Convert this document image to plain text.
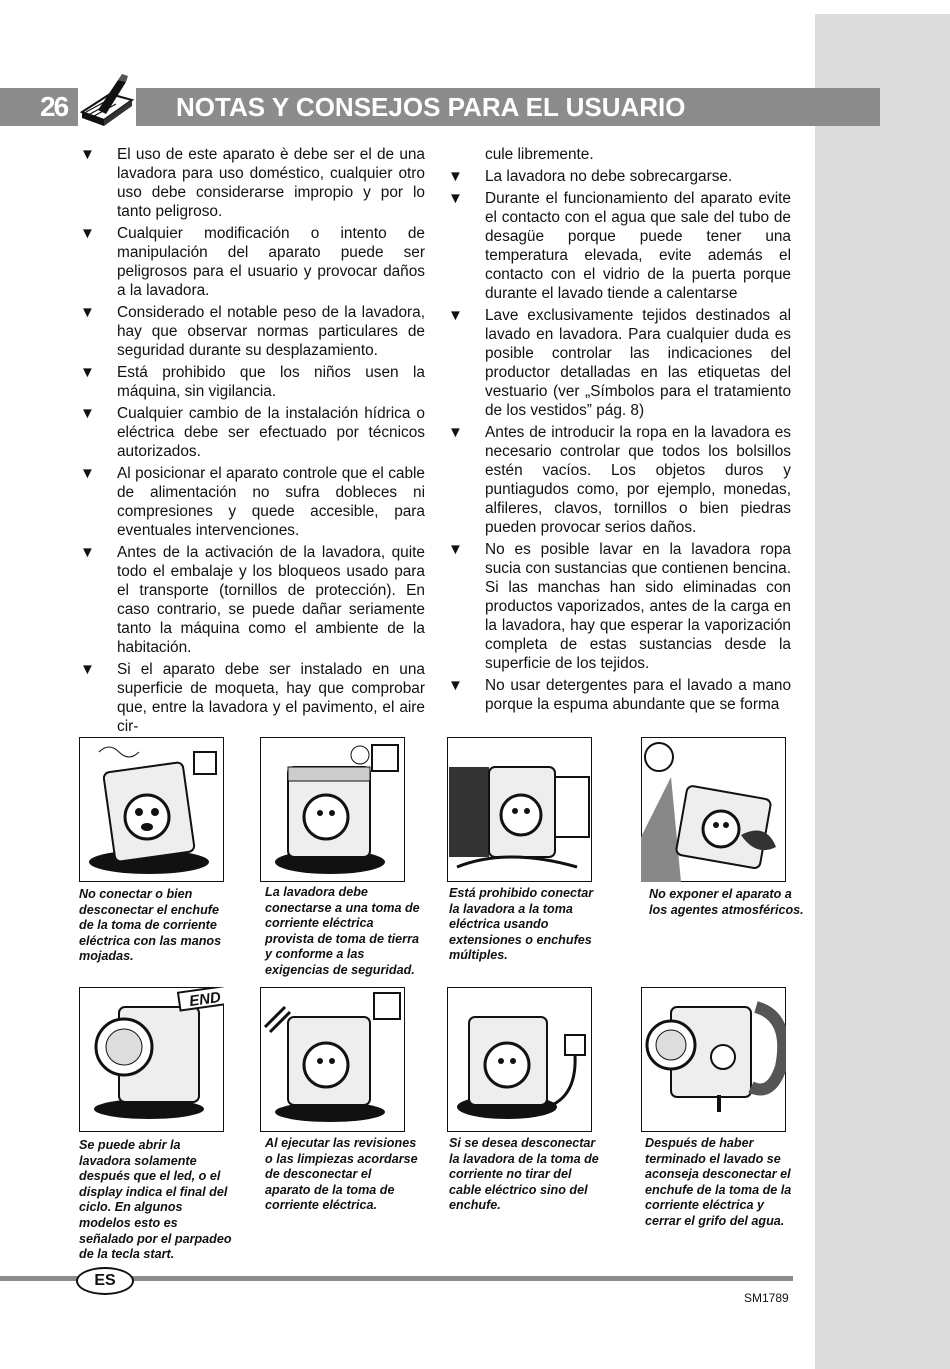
26	NOTAS Y CONSEJOS PARA EL USUARIO
▼ El uso de este aparato è debe ser el de una lavadora para uso doméstico, cualquier otro uso debe considerarse impropio y por lo tanto peligroso.
▼ Cualquier modificación o intento de manipulación del aparato puede ser peligrosos para el usuario y provocar daños a la lavadora.
▼ Considerado el notable peso de la lavadora, hay que observar normas particulares de seguridad durante su desplazamiento.
▼ Está prohibido que los niños usen la máquina, sin vigilancia.
▼ Cualquier cambio de la instalación hídrica o eléctrica debe ser efectuado por técnicos autorizados.
▼ Al posicionar el aparato controle que el cable de alimentación no sufra dobleces ni compresiones y quede accesible, para eventuales intervenciones.
▼ Antes de la activación de la lavadora, quite todo el embalaje y los bloqueos usado para el transporte (tornillos de protección). En caso contrario, se puede dañar seriamente tanto la máquina como el ambiente de la habitación.
▼ Si el aparato debe ser instalado en una superficie de moqueta, hay que comprobar que, entre la lavadora y el pavimento, el aire cir-
cule libremente.
▼ La lavadora no debe sobrecargarse.
▼ Durante el funcionamiento del aparato evite el contacto con el agua que sale del tubo de desagüe porque puede tener una temperatura elevada, evite además el contacto con el vidrio de la puerta porque durante el lavado tiende a calentarse
▼ Lave exclusivamente tejidos destinados al lavado en lavadora. Para cualquier duda es posible controlar las indicaciones del productor detalladas en las etiquetas del vestuario (ver „Símbolos para el tratamiento de los vestidos” pág. 8)
▼ Antes de introducir la ropa en la lavadora es necesario controlar que todos los bolsillos estén vacíos. Los objetos duros y puntiagudos como, por ejemplo, monedas, alfileres, clavos, tornillos o bien piedras pueden provocar serios daños.
▼ No es posible lavar en la lavadora ropa sucia con sustancias que contienen bencina. Si las manchas han sido eliminadas con productos vaporizados, antes de la carga en la lavadora, hay que esperar la vaporización completa de estas sustancias desde la superficie de los tejidos.
▼ No usar detergentes para el lavado a mano porque la espuma abundante que se forma
No conectar o bien desconectar el enchufe de la toma de corriente eléctrica con las manos mojadas.
La lavadora debe conectarse a una toma de corriente eléctrica provista de toma de tierra y conforme a las exigencias de seguridad.
Está prohibido conectar la lavadora a la toma eléctrica usando extensiones o enchufes múltiples.
No exponer el aparato a los agentes atmosféricos.
END
Se puede abrir la lavadora solamente después que el led, o el display indica el final del ciclo. En algunos modelos esto es señalado por el parpadeo de la tecla start.
Al ejecutar las revisiones o las limpiezas acordarse de desconectar el aparato de la toma de corriente eléctrica.
Si se desea desconectar la lavadora de la toma de corriente no tirar del cable eléctrico sino del enchufe.
Después de haber terminado el lavado se aconseja desconectar el enchufe de la toma de la corriente eléctrica y cerrar el grifo del agua.
ES
SM1789
